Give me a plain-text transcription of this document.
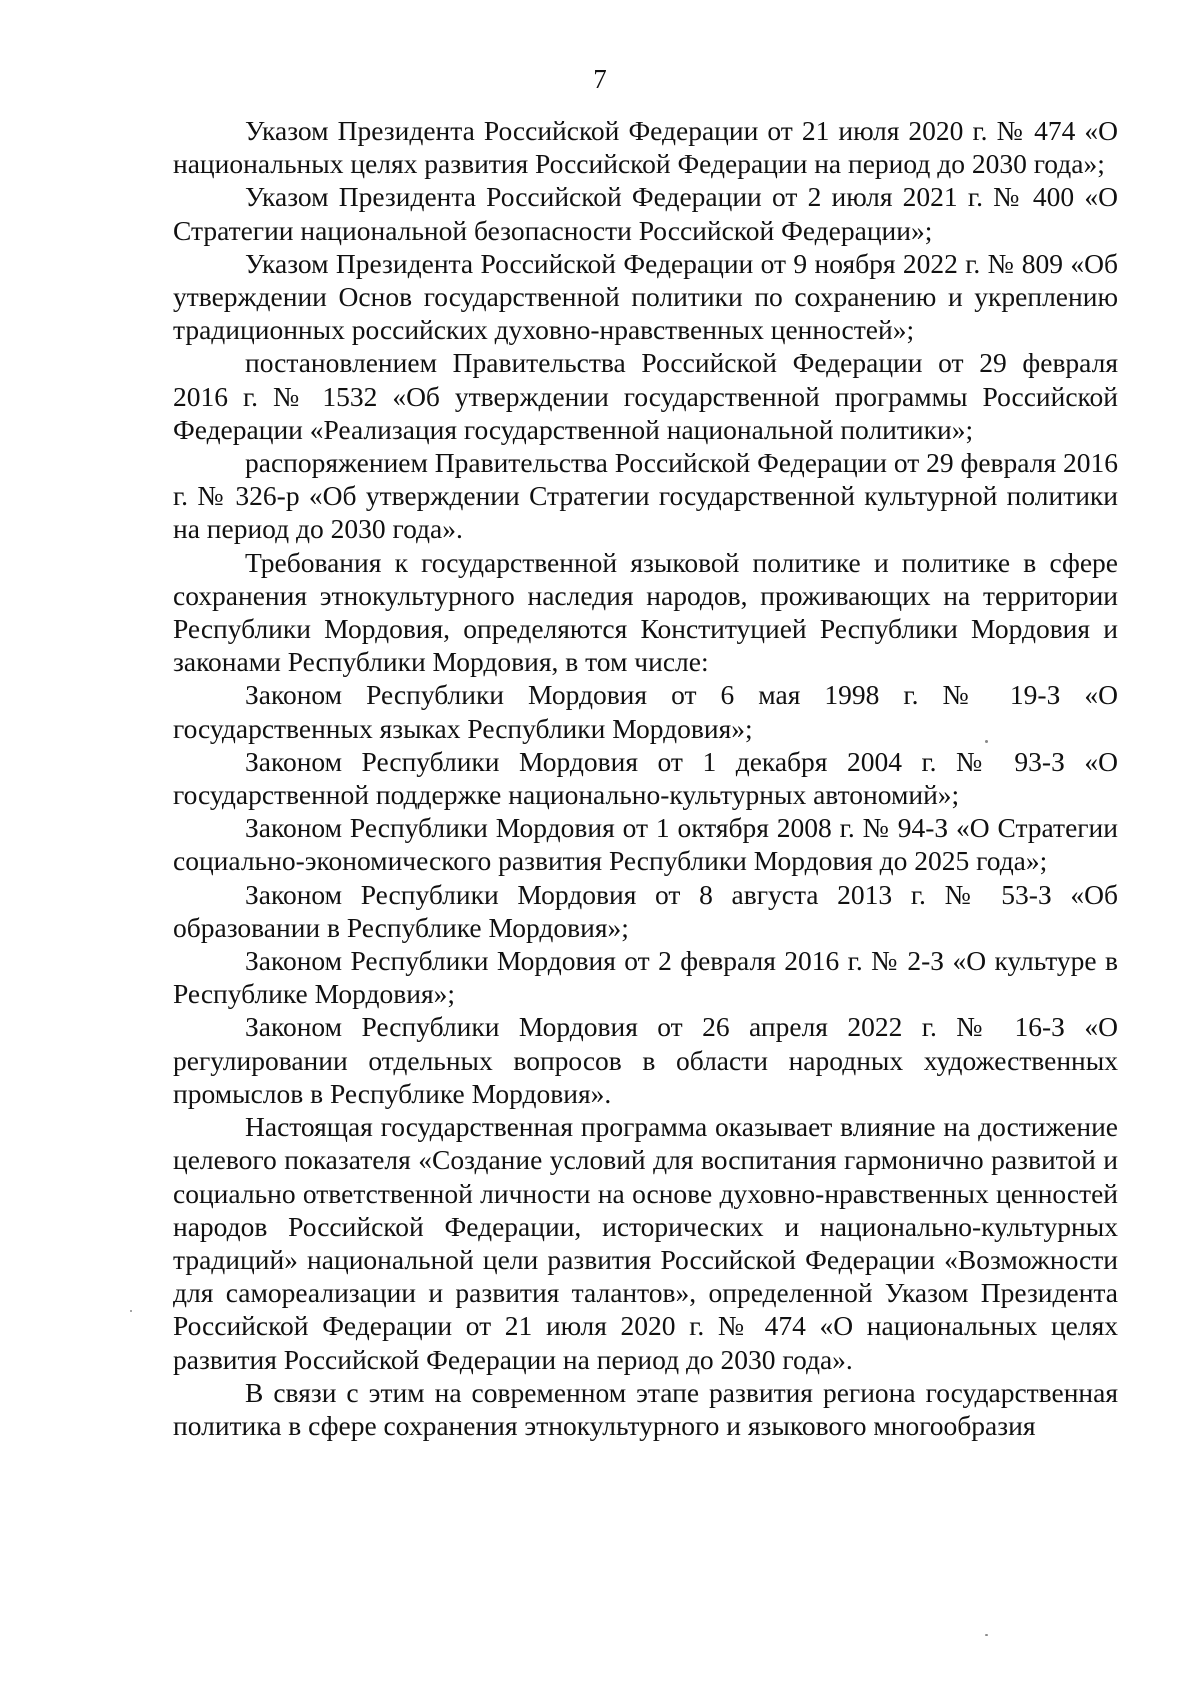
7

Указом Президента Российской Федерации от 21 июля 2020 г. № 474 «О национальных целях развития Российской Федерации на период до 2030 года»;

Указом Президента Российской Федерации от 2 июля 2021 г. № 400 «О Стратегии национальной безопасности Российской Федерации»;

Указом Президента Российской Федерации от 9 ноября 2022 г. № 809 «Об утверждении Основ государственной политики по сохранению и укреплению традиционных российских духовно-нравственных ценностей»;

постановлением Правительства Российской Федерации от 29 февраля 2016 г. № 1532 «Об утверждении государственной программы Российской Федерации «Реализация государственной национальной политики»;

распоряжением Правительства Российской Федерации от 29 февраля 2016 г. № 326-р «Об утверждении Стратегии государственной культурной политики на период до 2030 года».

Требования к государственной языковой политике и политике в сфере сохранения этнокультурного наследия народов, проживающих на территории Республики Мордовия, определяются Конституцией Республики Мордовия и законами Республики Мордовия, в том числе:

Законом Республики Мордовия от 6 мая 1998 г. № 19-З «О государственных языках Республики Мордовия»;

Законом Республики Мордовия от 1 декабря 2004 г. № 93-З «О государственной поддержке национально-культурных автономий»;

Законом Республики Мордовия от 1 октября 2008 г. № 94-З «О Стратегии социально-экономического развития Республики Мордовия до 2025 года»;

Законом Республики Мордовия от 8 августа 2013 г. № 53-З «Об образовании в Республике Мордовия»;

Законом Республики Мордовия от 2 февраля 2016 г. № 2-З «О культуре в Республике Мордовия»;

Законом Республики Мордовия от 26 апреля 2022 г. № 16-З «О регулировании отдельных вопросов в области народных художественных промыслов в Республике Мордовия».

Настоящая государственная программа оказывает влияние на достижение целевого показателя «Создание условий для воспитания гармонично развитой и социально ответственной личности на основе духовно-нравственных ценностей народов Российской Федерации, исторических и национально-культурных традиций» национальной цели развития Российской Федерации «Возможности для самореализации и развития талантов», определенной Указом Президента Российской Федерации от 21 июля 2020 г. № 474 «О национальных целях развития Российской Федерации на период до 2030 года».

В связи с этим на современном этапе развития региона государственная политика в сфере сохранения этнокультурного и языкового многообразия
